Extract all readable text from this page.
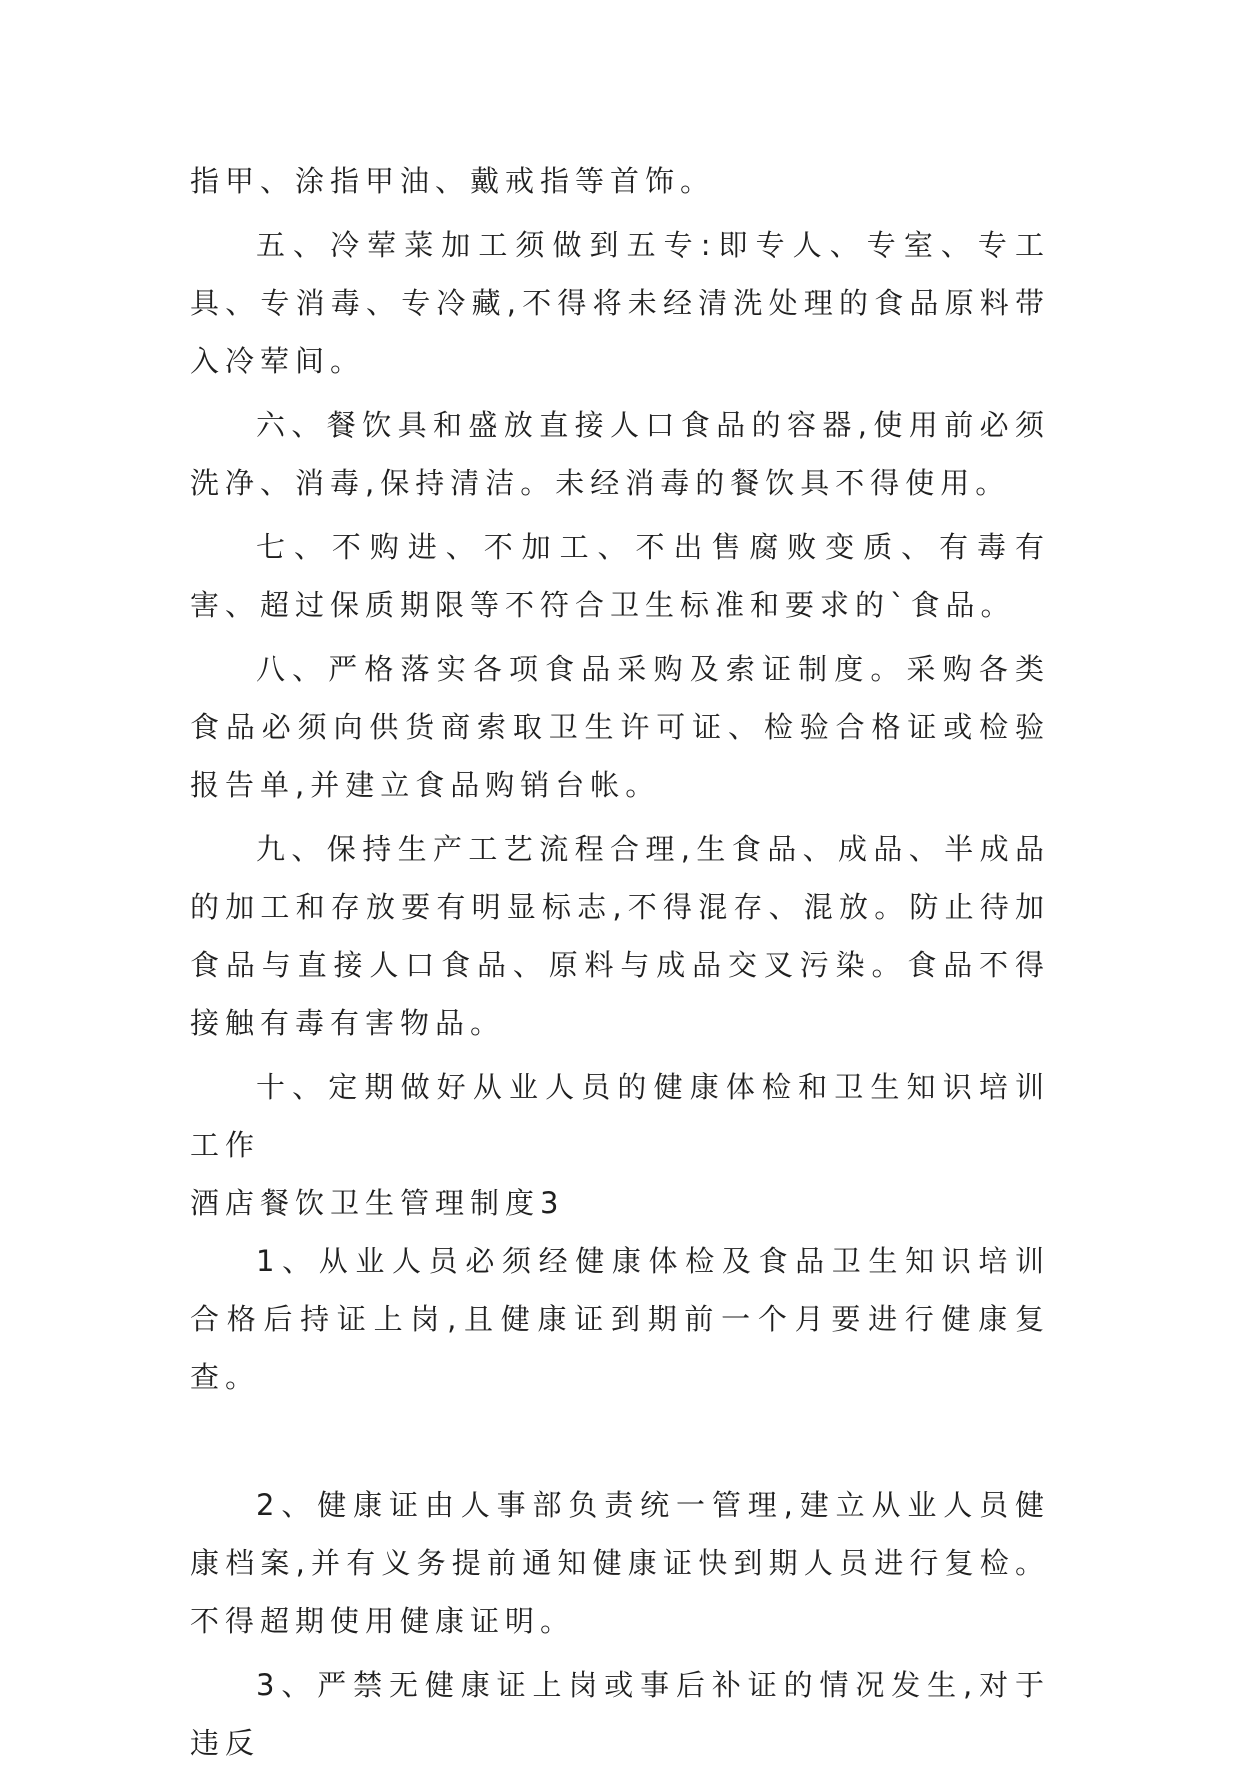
指甲、涂指甲油、戴戒指等首饰。

五、冷荤菜加工须做到五专:即专人、专室、专工具、专消毒、专冷藏,不得将未经清洗处理的食品原料带入冷荤间。

六、餐饮具和盛放直接人口食品的容器,使用前必须洗净、消毒,保持清洁。未经消毒的餐饮具不得使用。

七、不购进、不加工、不出售腐败变质、有毒有害、超过保质期限等不符合卫生标准和要求的`食品。

八、严格落实各项食品采购及索证制度。采购各类食品必须向供货商索取卫生许可证、检验合格证或检验报告单,并建立食品购销台帐。

九、保持生产工艺流程合理,生食品、成品、半成品的加工和存放要有明显标志,不得混存、混放。防止待加食品与直接人口食品、原料与成品交叉污染。食品不得接触有毒有害物品。

十、定期做好从业人员的健康体检和卫生知识培训工作

酒店餐饮卫生管理制度3

1、从业人员必须经健康体检及食品卫生知识培训合格后持证上岗,且健康证到期前一个月要进行健康复查。

2、健康证由人事部负责统一管理,建立从业人员健康档案,并有义务提前通知健康证快到期人员进行复检。不得超期使用健康证明。

3、严禁无健康证上岗或事后补证的情况发生,对于违反
